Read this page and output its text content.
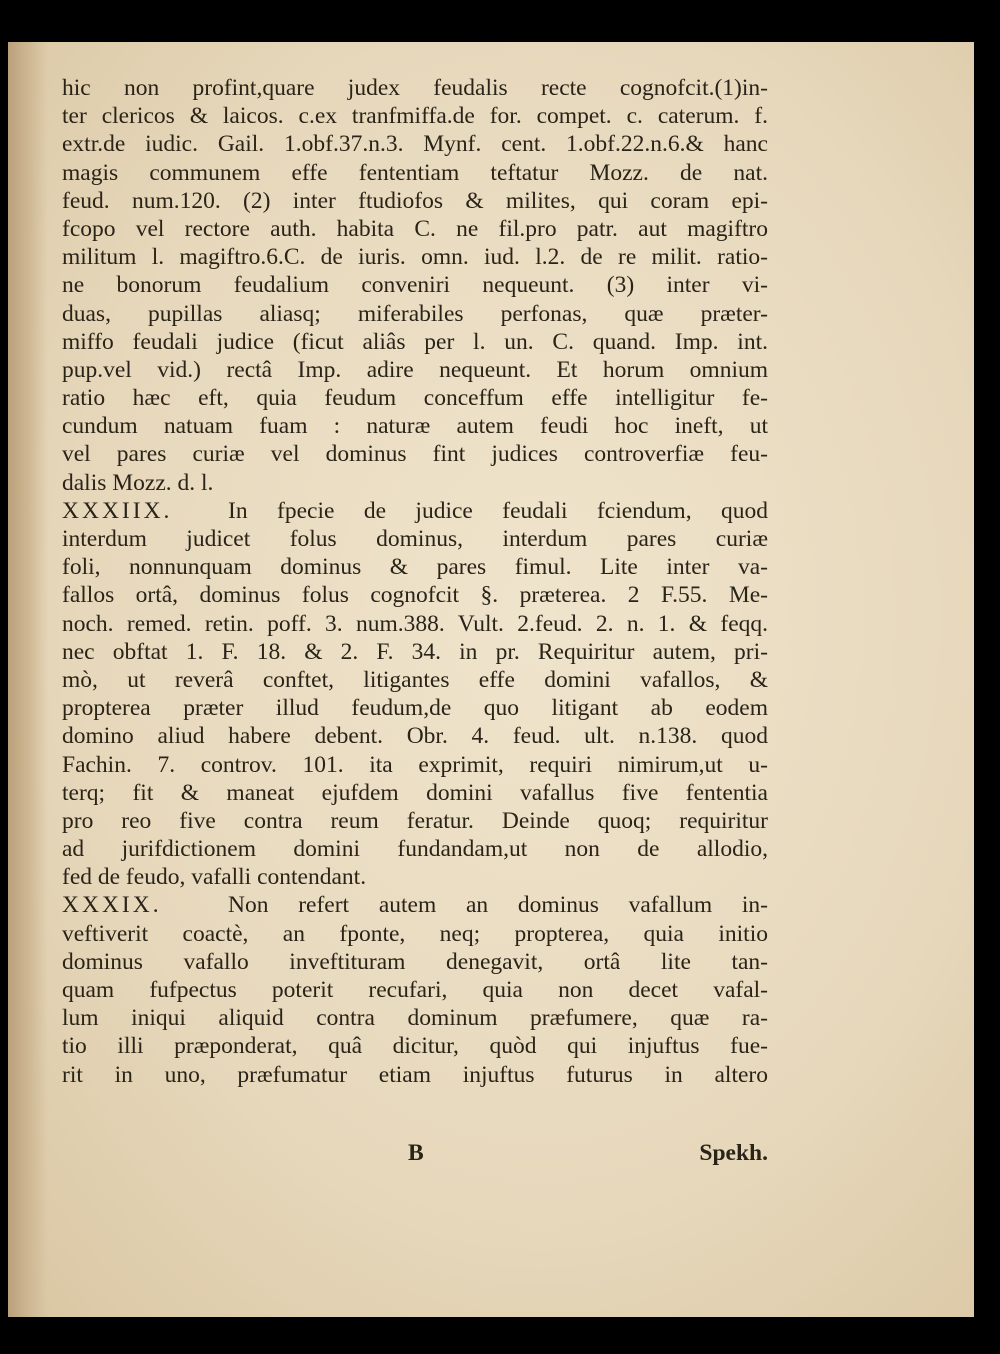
hic non profint,quare judex feudalis recte cognofcit.(1)in-
ter clericos & laicos. c.ex tranfmiffa.de for. compet. c. caterum. f.
extr.de iudic. Gail. 1.obf.37.n.3. Mynf. cent. 1.obf.22.n.6.& hanc
magis communem effe fententiam teftatur Mozz. de nat.
feud. num.120. (2) inter ftudiofos & milites, qui coram epi-
fcopo vel rectore auth. habita C. ne fil.pro patr. aut magiftro
militum l. magiftro.6.C. de iuris. omn. iud. l.2. de re milit. ratio-
ne bonorum feudalium conveniri nequeunt. (3) inter vi-
duas, pupillas aliasq; miferabiles perfonas, quæ præter-
miffo feudali judice (ficut aliâs per l. un. C. quand. Imp. int.
pup.vel vid.) rectâ Imp. adire nequeunt. Et horum omnium
ratio hæc eft, quia feudum conceffum effe intelligitur fe-
cundum natuam fuam : naturæ autem feudi hoc ineft, ut
vel pares curiæ vel dominus fint judices controverfiæ feu-
dalis Mozz. d. l.
XXXIIX. In fpecie de judice feudali fciendum, quod
interdum judicet folus dominus, interdum pares curiæ
foli, nonnunquam dominus & pares fimul. Lite inter va-
fallos ortâ, dominus folus cognofcit §. præterea. 2 F.55. Me-
noch. remed. retin. poff. 3. num.388. Vult. 2.feud. 2. n. 1. & feqq.
nec obftat 1. F. 18. & 2. F. 34. in pr. Requiritur autem, pri-
mò, ut reverâ conftet, litigantes effe domini vafallos, &
propterea præter illud feudum,de quo litigant ab eodem
domino aliud habere debent. Obr. 4. feud. ult. n.138. quod
Fachin. 7. controv. 101. ita exprimit, requiri nimirum,ut u-
terq; fit & maneat ejufdem domini vafallus five fententia
pro reo five contra reum feratur. Deinde quoq; requiritur
ad jurifdictionem domini fundandam,ut non de allodio,
fed de feudo, vafalli contendant.
XXXIX.	Non refert autem an dominus vafallum in-
veftiverit coactè, an fponte, neq; propterea, quia initio
dominus vafallo inveftituram denegavit, ortâ lite tan-
quam fufpectus poterit recufari, quia non decet vafal-
lum iniqui aliquid contra dominum præfumere, quæ ra-
tio illi præponderat, quâ dicitur, quòd qui injuftus fue-
rit in uno, præfumatur etiam injuftus futurus in altero
B	Spekh.
